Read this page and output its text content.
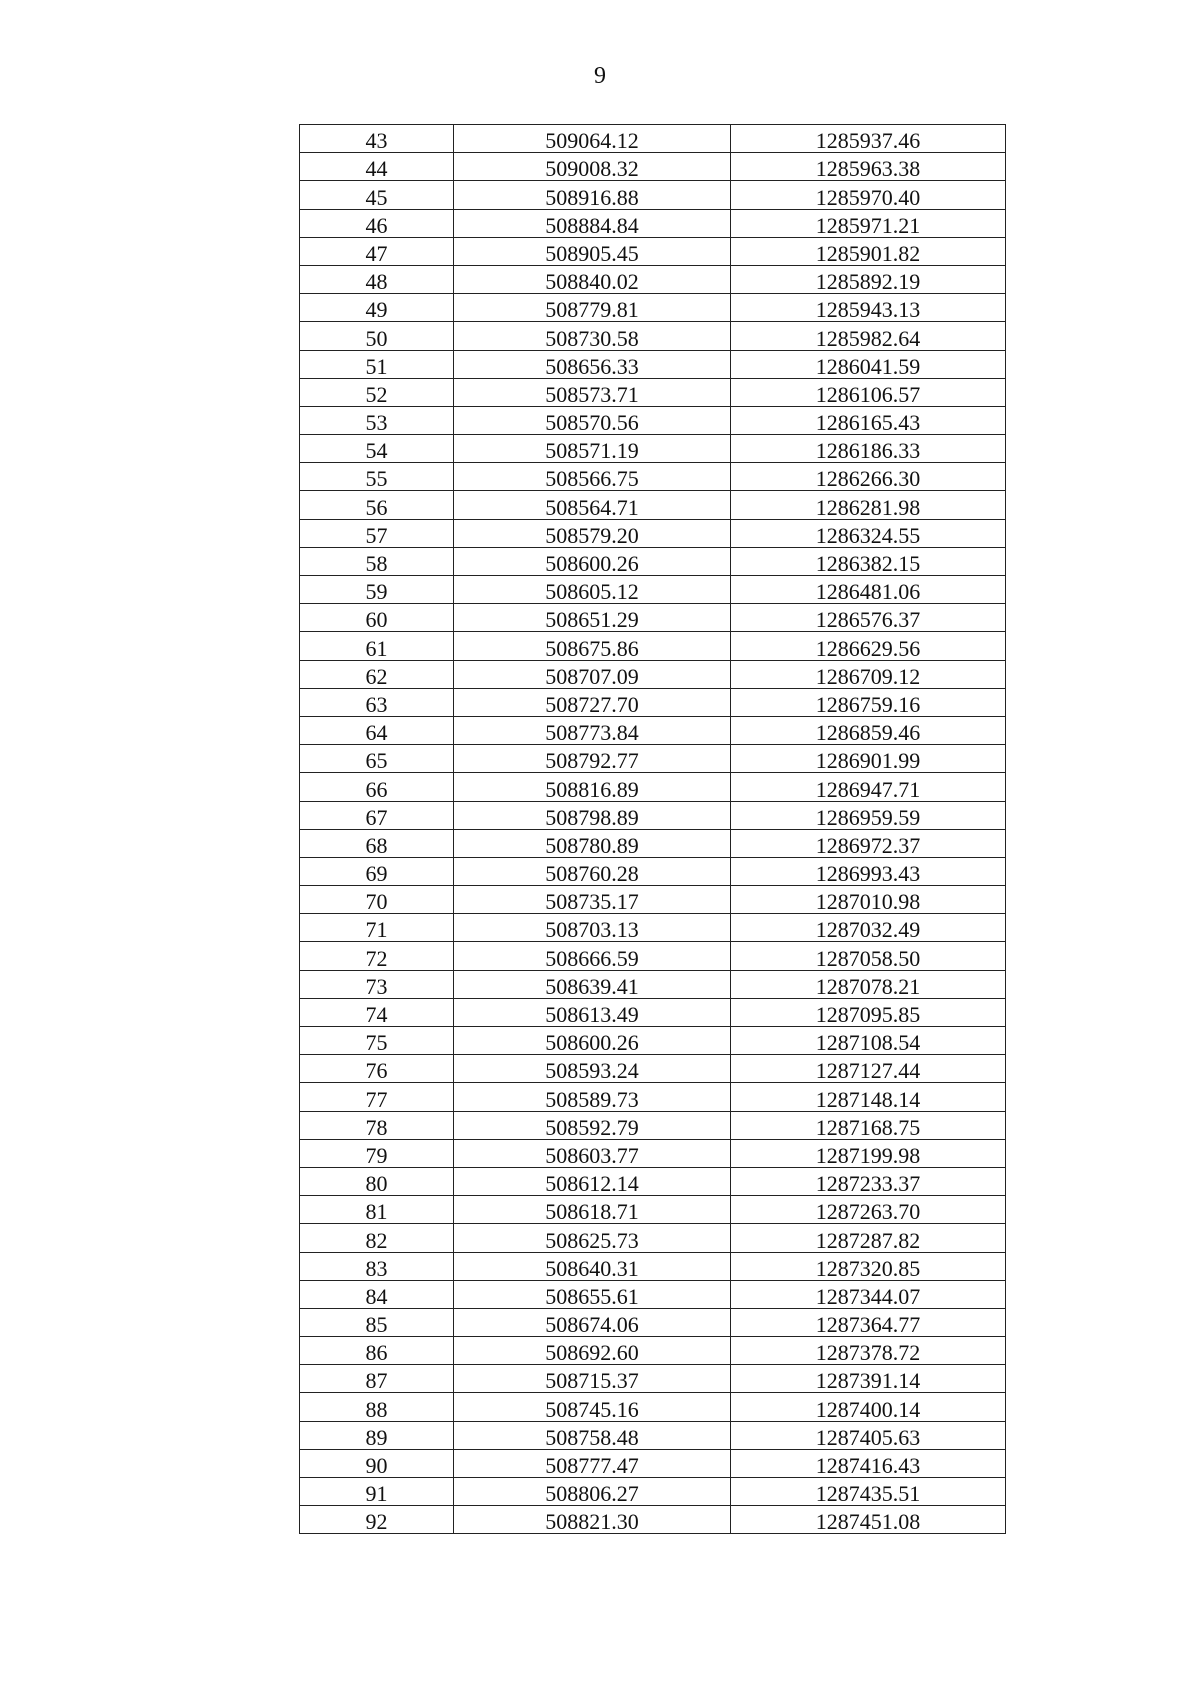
9
43	509064.12	1285937.46
44	509008.32	1285963.38
45	508916.88	1285970.40
46	508884.84	1285971.21
47	508905.45	1285901.82
48	508840.02	1285892.19
49	508779.81	1285943.13
50	508730.58	1285982.64
51	508656.33	1286041.59
52	508573.71	1286106.57
53	508570.56	1286165.43
54	508571.19	1286186.33
55	508566.75	1286266.30
56	508564.71	1286281.98
57	508579.20	1286324.55
58	508600.26	1286382.15
59	508605.12	1286481.06
60	508651.29	1286576.37
61	508675.86	1286629.56
62	508707.09	1286709.12
63	508727.70	1286759.16
64	508773.84	1286859.46
65	508792.77	1286901.99
66	508816.89	1286947.71
67	508798.89	1286959.59
68	508780.89	1286972.37
69	508760.28	1286993.43
70	508735.17	1287010.98
71	508703.13	1287032.49
72	508666.59	1287058.50
73	508639.41	1287078.21
74	508613.49	1287095.85
75	508600.26	1287108.54
76	508593.24	1287127.44
77	508589.73	1287148.14
78	508592.79	1287168.75
79	508603.77	1287199.98
80	508612.14	1287233.37
81	508618.71	1287263.70
82	508625.73	1287287.82
83	508640.31	1287320.85
84	508655.61	1287344.07
85	508674.06	1287364.77
86	508692.60	1287378.72
87	508715.37	1287391.14
88	508745.16	1287400.14
89	508758.48	1287405.63
90	508777.47	1287416.43
91	508806.27	1287435.51
92	508821.30	1287451.08
